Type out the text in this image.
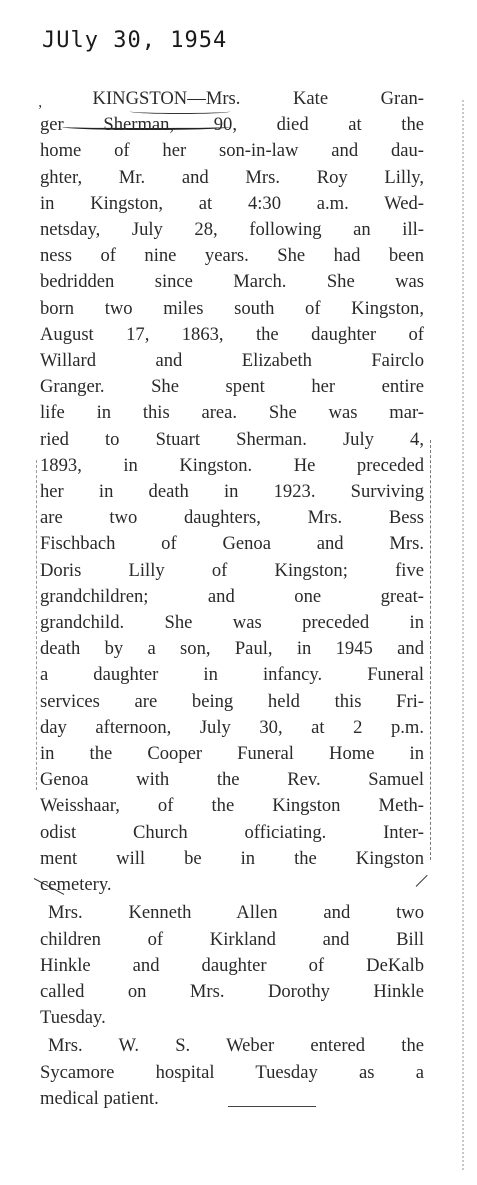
JUly 30, 1954
̦ KINGSTON—Mrs. Kate Gran-
ger Sherman, 90, died at the
home of her son-in-law and dau-
ghter, Mr. and Mrs. Roy Lilly,
in Kingston, at 4:30 a.m. Wed-
netsday, July 28, following an ill-
ness of nine years. She had been
bedridden since March. She was
born two miles south of Kingston,
August 17, 1863, the daughter of
Willard and Elizabeth Fairclo
Granger. She spent her entire
life in this area. She was mar-
ried to Stuart Sherman. July 4,
1893, in Kingston. He preceded
her in death in 1923. Surviving
are two daughters, Mrs. Bess
Fischbach of Genoa and Mrs.
Doris Lilly of Kingston; five
grandchildren; and one great-
grandchild. She was preceded in
death by a son, Paul, in 1945 and
a daughter in infancy. Funeral
services are being held this Fri-
day afternoon, July 30, at 2 p.m.
in the Cooper Funeral Home in
Genoa with the Rev. Samuel
Weisshaar, of the Kingston Meth-
odist Church officiating. Inter-
ment will be in the Kingston
cemetery.
Mrs. Kenneth Allen and two
children of Kirkland and Bill
Hinkle and daughter of DeKalb
called on Mrs. Dorothy Hinkle
Tuesday.
Mrs. W. S. Weber entered the
Sycamore hospital Tuesday as a
medical patient.
